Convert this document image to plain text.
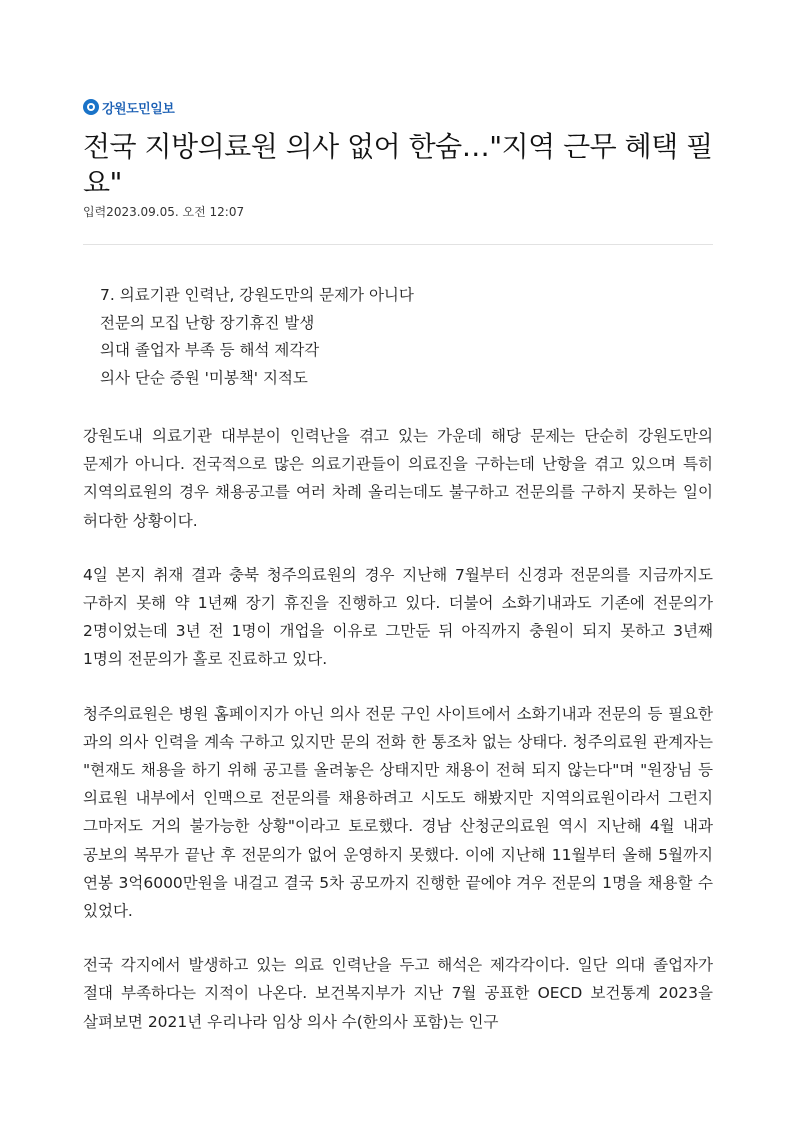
강원도민일보
전국 지방의료원 의사 없어 한숨…"지역 근무 혜택 필요"
입력2023.09.05. 오전 12:07
7. 의료기관 인력난, 강원도만의 문제가 아니다
전문의 모집 난항 장기휴진 발생
의대 졸업자 부족 등 해석 제각각
의사 단순 증원 '미봉책' 지적도

강원도내 의료기관 대부분이 인력난을 겪고 있는 가운데 해당 문제는 단순히 강원도만의 문제가 아니다. 전국적으로 많은 의료기관들이 의료진을 구하는데 난항을 겪고 있으며 특히 지역의료원의 경우 채용공고를 여러 차례 올리는데도 불구하고 전문의를 구하지 못하는 일이 허다한 상황이다.

4일 본지 취재 결과 충북 청주의료원의 경우 지난해 7월부터 신경과 전문의를 지금까지도 구하지 못해 약 1년째 장기 휴진을 진행하고 있다. 더불어 소화기내과도 기존에 전문의가 2명이었는데 3년 전 1명이 개업을 이유로 그만둔 뒤 아직까지 충원이 되지 못하고 3년째 1명의 전문의가 홀로 진료하고 있다.

청주의료원은 병원 홈페이지가 아닌 의사 전문 구인 사이트에서 소화기내과 전문의 등 필요한 과의 의사 인력을 계속 구하고 있지만 문의 전화 한 통조차 없는 상태다. 청주의료원 관계자는 "현재도 채용을 하기 위해 공고를 올려놓은 상태지만 채용이 전혀 되지 않는다"며 "원장님 등 의료원 내부에서 인맥으로 전문의를 채용하려고 시도도 해봤지만 지역의료원이라서 그런지 그마저도 거의 불가능한 상황"이라고 토로했다. 경남 산청군의료원 역시 지난해 4월 내과 공보의 복무가 끝난 후 전문의가 없어 운영하지 못했다. 이에 지난해 11월부터 올해 5월까지 연봉 3억6000만원을 내걸고 결국 5차 공모까지 진행한 끝에야 겨우 전문의 1명을 채용할 수 있었다.

전국 각지에서 발생하고 있는 의료 인력난을 두고 해석은 제각각이다. 일단 의대 졸업자가 절대 부족하다는 지적이 나온다. 보건복지부가 지난 7월 공표한 OECD 보건통계 2023을 살펴보면 2021년 우리나라 임상 의사 수(한의사 포함)는 인구
